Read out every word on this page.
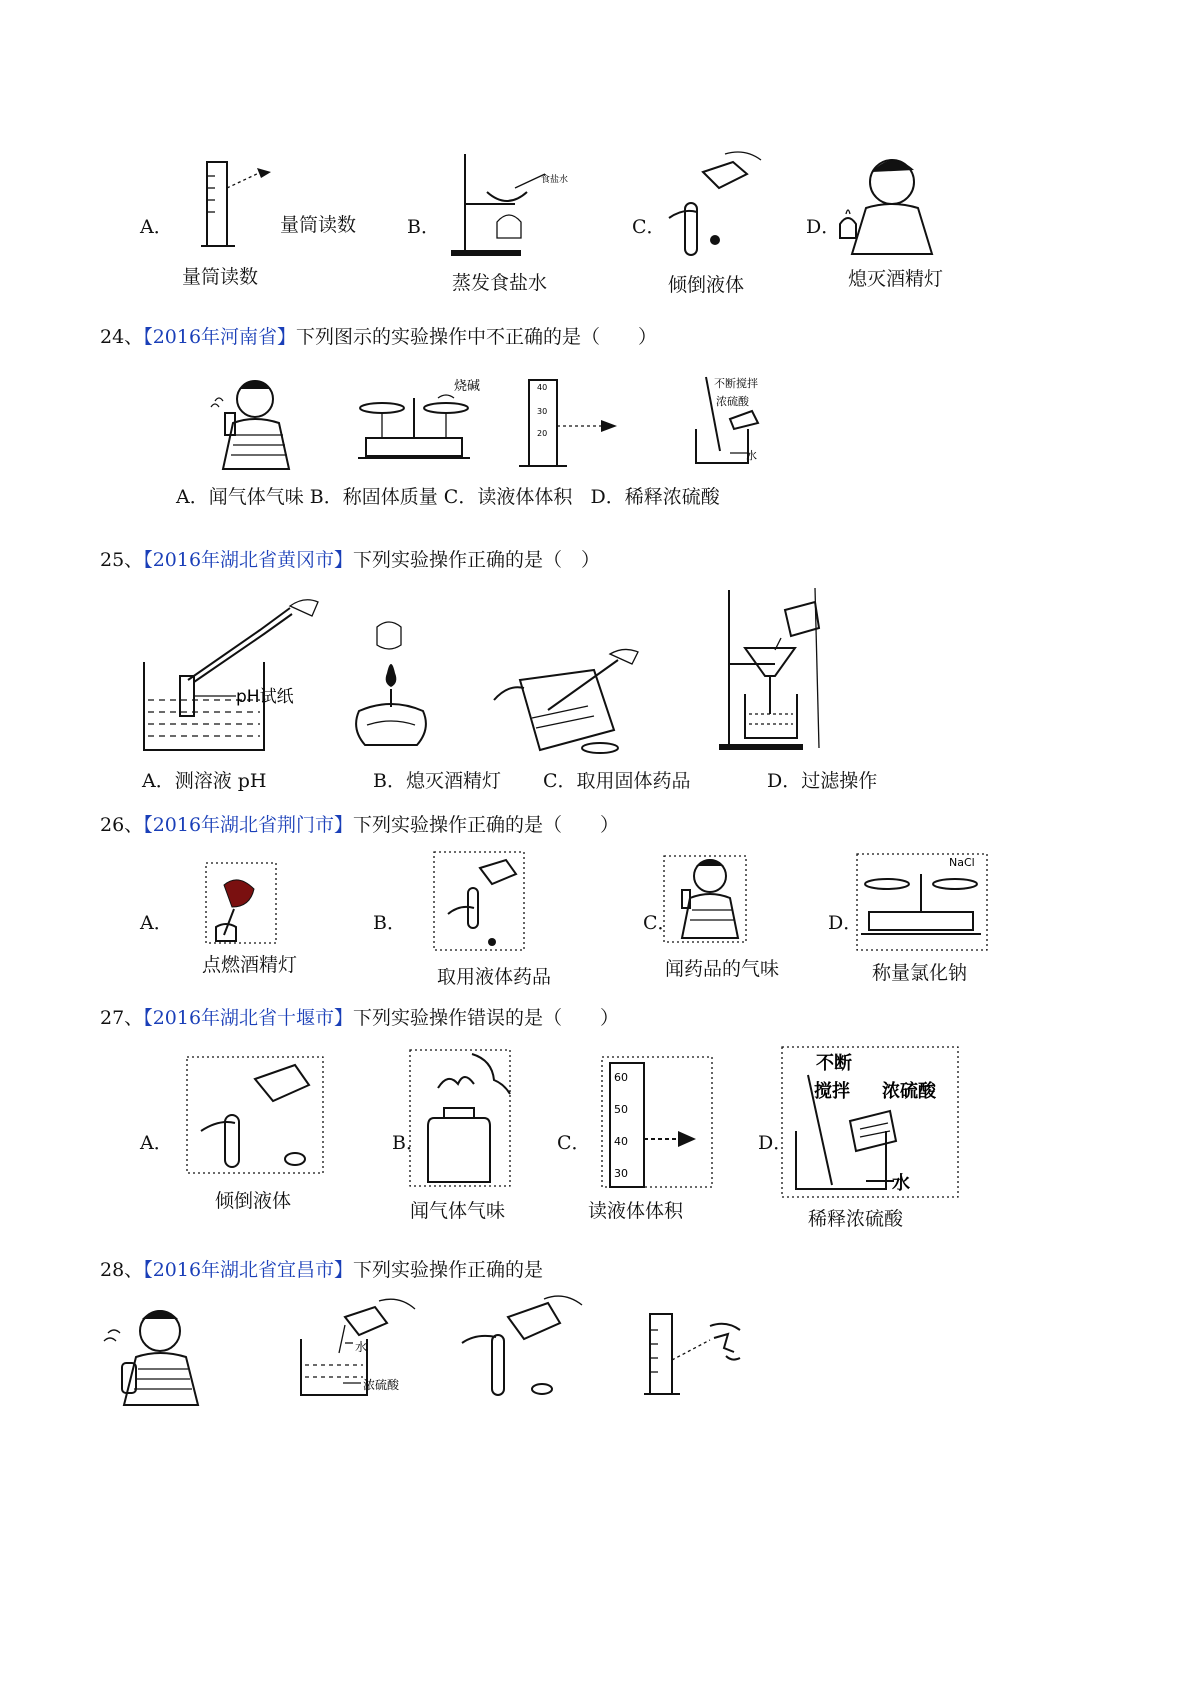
A．	量筒读数
量筒读数
B．
食盐水
蒸发食盐水
C．
倾倒液体
D．
熄灭酒精灯
24、【2016年河南省】下列图示的实验操作中不正确的是（　　）
烧碱	40
30
20
不断搅拌
浓硫酸
水
A．闻气体气味 B．称固体质量 C．读液体体积 D．稀释浓硫酸
25、【2016年湖北省黄冈市】下列实验操作正确的是（　）
pH试纸
A．测溶液 pH	B．熄灭酒精灯 C．取用固体药品	D．过滤操作
26、【2016年湖北省荆门市】下列实验操作正确的是（　　）
A．
点燃酒精灯
B．
取用液体药品
C．
闻药品的气味
D．
NaCl
称量氯化钠
27、【2016年湖北省十堰市】下列实验操作错误的是（　　）
A．
倾倒液体
B．
闻气体气味
C．
60
50
40
30
读液体体积
D．
不断
搅拌 浓硫酸
水
稀释浓硫酸
28、【2016年湖北省宜昌市】下列实验操作正确的是
水
浓硫酸
